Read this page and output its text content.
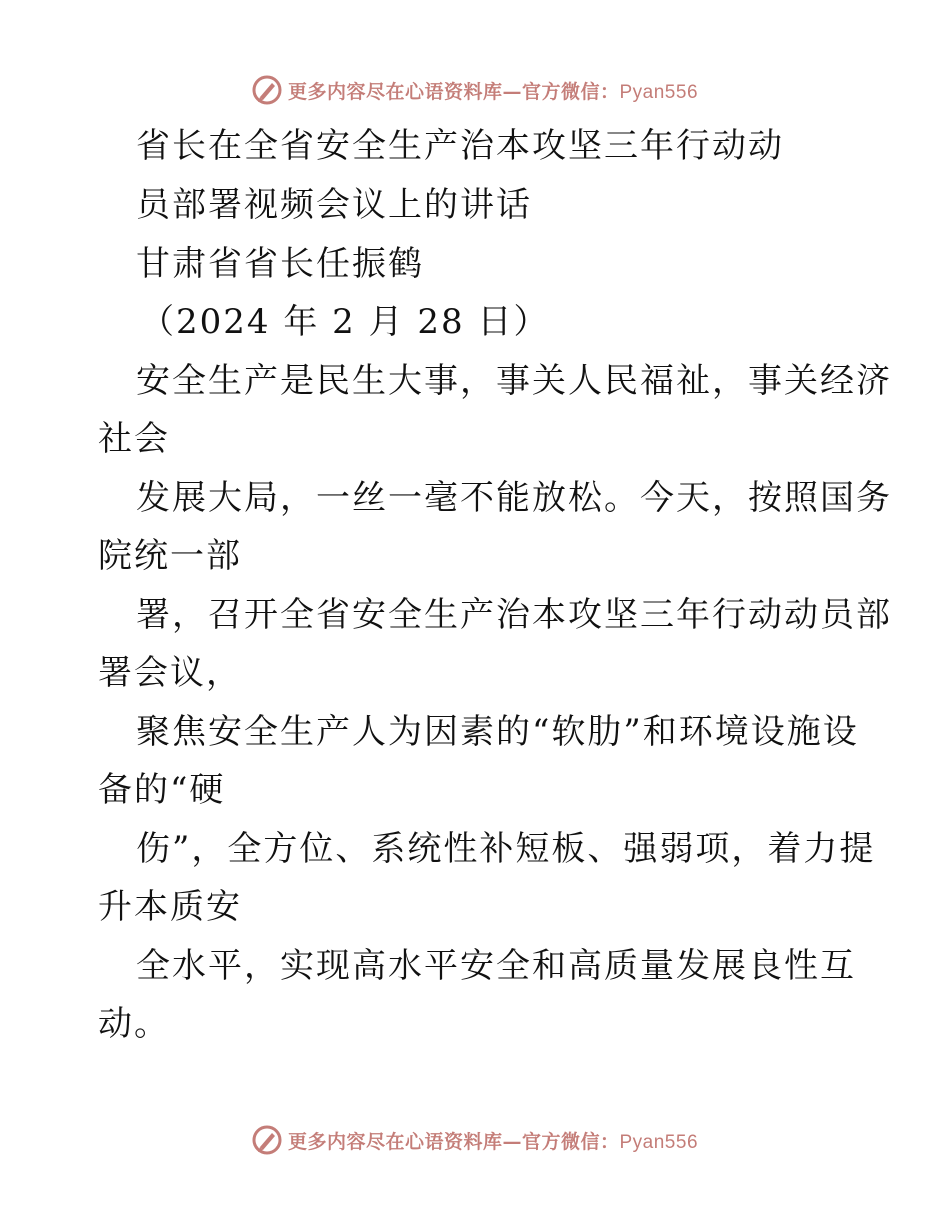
更多内容尽在心语资料库—官方微信：Pyan556
省长在全省安全生产治本攻坚三年行动动
员部署视频会议上的讲话
甘肃省省长任振鹤
（2024 年 2 月 28 日）
安全生产是民生大事，事关人民福祉，事关经济
社会
发展大局，一丝一毫不能放松。今天，按照国务
院统一部
署，召开全省安全生产治本攻坚三年行动动员部
署会议，
聚焦安全生产人为因素的“软肋”和环境设施设
备的“硬
伤”，全方位、系统性补短板、强弱项，着力提
升本质安
全水平，实现高水平安全和高质量发展良性互
动。
更多内容尽在心语资料库—官方微信：Pyan556
